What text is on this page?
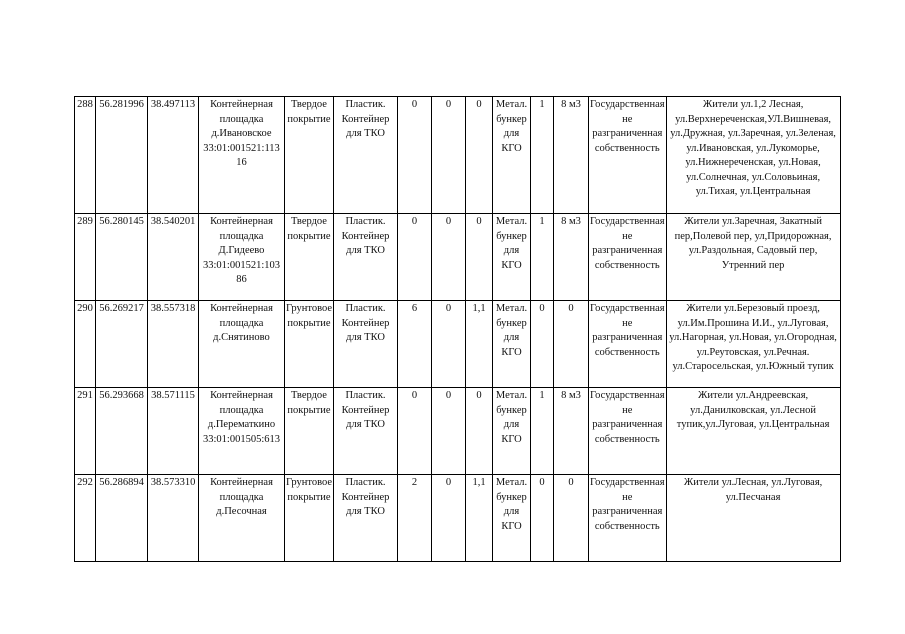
288	56.281996	38.497113	Контейнерная площадка д.Ивановское 33:01:001521:113 16	Твердое покрытие	Пластик. Контейнер для ТКО	0	0	0	Метал. бункер для КГО	1	8 м3	Государственная не разграниченная собственность	Жители ул.1,2 Лесная, ул.Верхнереченская,УЛ.Вишневая, ул.Дружная, ул.Заречная, ул.Зеленая, ул.Ивановская, ул.Лукоморье, ул.Нижнереченская, ул.Новая, ул.Солнечная, ул.Соловьиная, ул.Тихая, ул.Центральная
289	56.280145	38.540201	Контейнерная площадка Д.Гидеево 33:01:001521:103 86	Твердое покрытие	Пластик. Контейнер для ТКО	0	0	0	Метал. бункер для КГО	1	8 м3	Государственная не разграниченная собственность	Жители ул.Заречная, Закатный пер,Полевой пер, ул,Придорожная, ул.Раздольная, Садовый пер, Утренний пер
290	56.269217	38.557318	Контейнерная площадка д.Снятиново	Грунтовое покрытие	Пластик. Контейнер для ТКО	6	0	1,1	Метал. бункер для КГО	0	0	Государственная не разграниченная собственность	Жители ул.Березовый проезд, ул.Им.Прошина И.И., ул.Луговая, ул.Нагорная, ул.Новая, ул.Огородная, ул.Реутовская, ул.Речная. ул.Старосельская, ул.Южный тупик
291	56.293668	38.571115	Контейнерная площадка д.Перематкино 33:01:001505:613	Твердое покрытие	Пластик. Контейнер для ТКО	0	0	0	Метал. бункер для КГО	1	8 м3	Государственная не разграниченная собственность	Жители ул.Андреевская, ул.Данилковская, ул.Лесной тупик,ул.Луговая, ул.Центральная
292	56.286894	38.573310	Контейнерная площадка д.Песочная	Грунтовое покрытие	Пластик. Контейнер для ТКО	2	0	1,1	Метал. бункер для КГО	0	0	Государственная не разграниченная собственность	Жители ул.Лесная, ул.Луговая, ул.Песчаная
